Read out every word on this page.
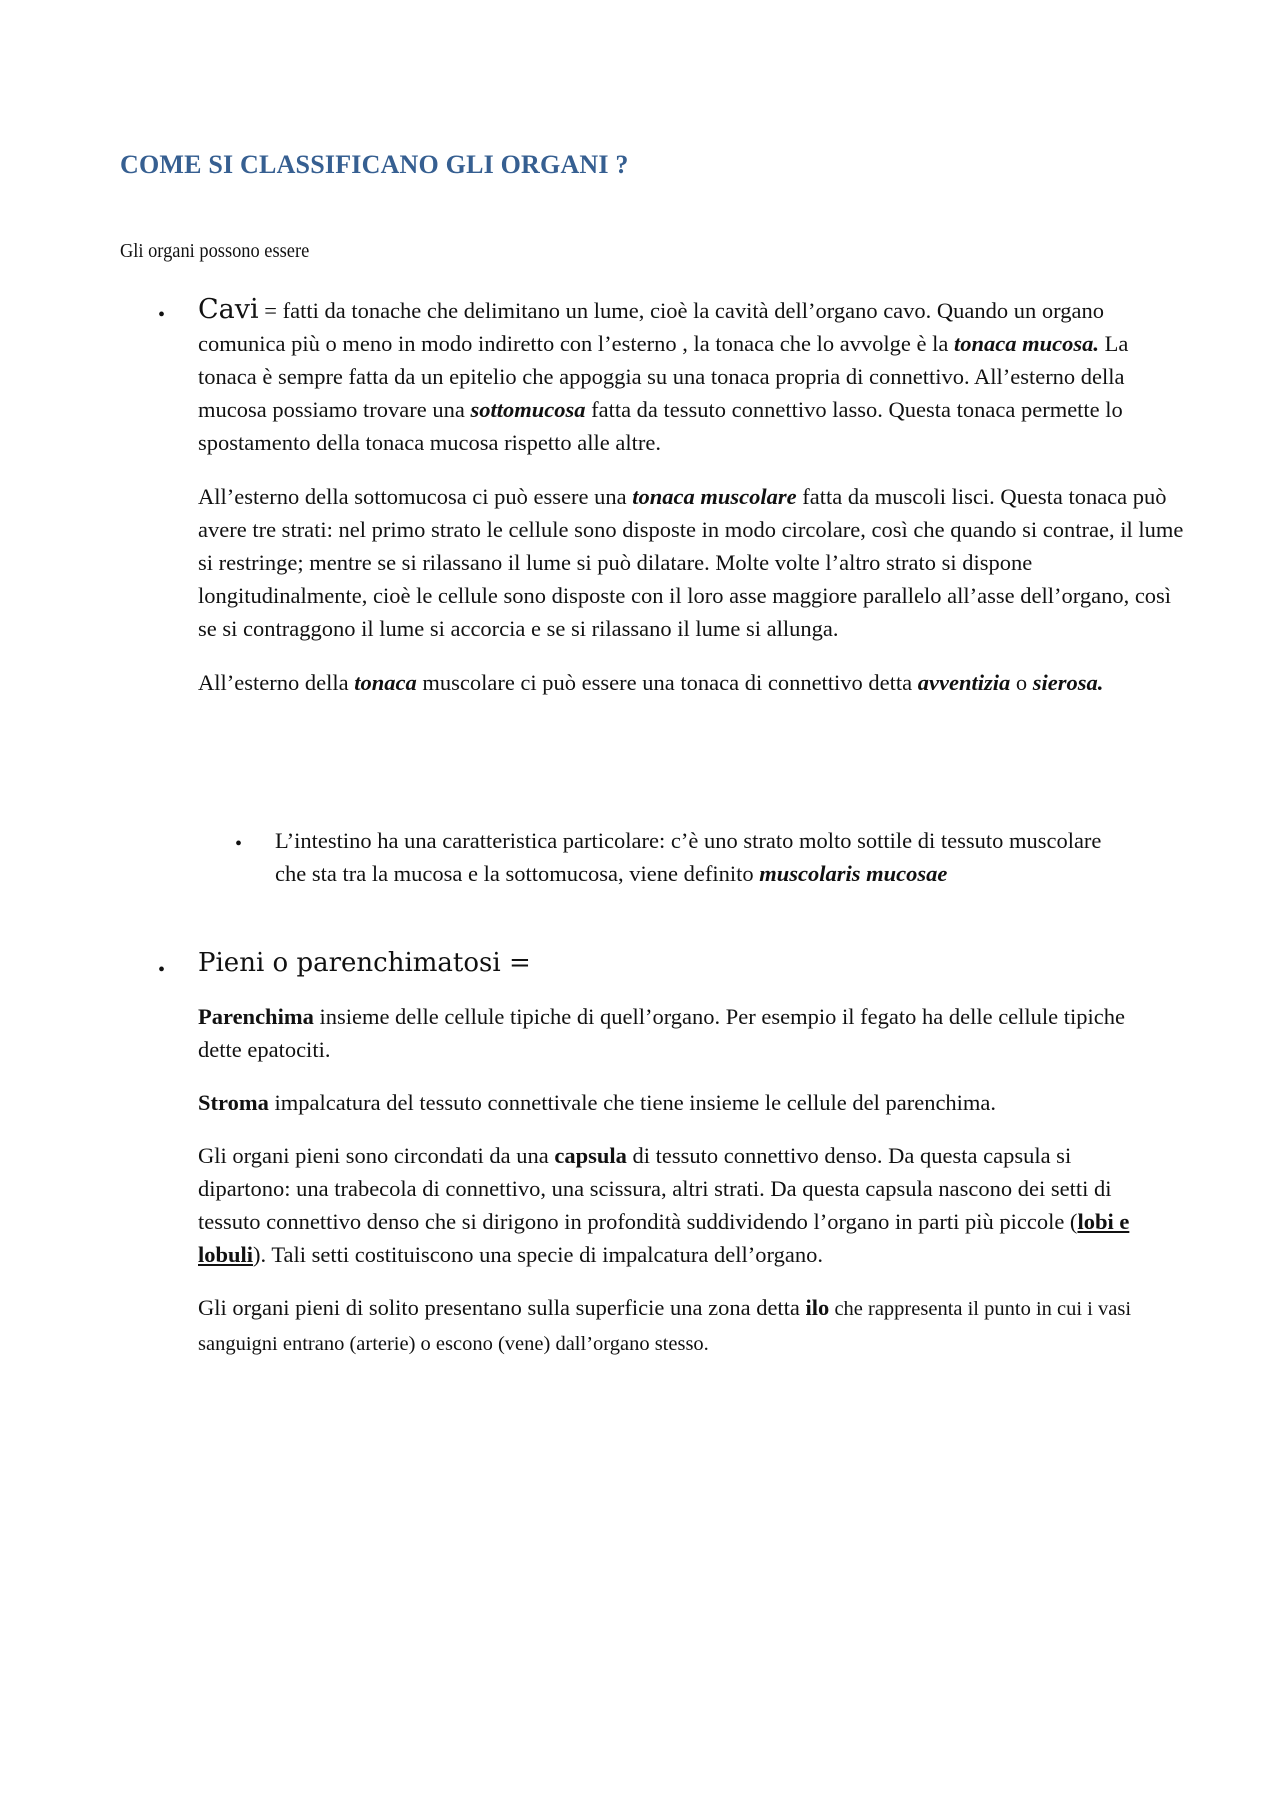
COME SI CLASSIFICANO GLI ORGANI ?

Gli organi possono essere

• Cavi = fatti da tonache che delimitano un lume, cioè la cavità dell’organo cavo. Quando un organo comunica più o meno in modo indiretto con l’esterno , la tonaca che lo avvolge è la tonaca mucosa. La tonaca è sempre fatta da un epitelio che appoggia su una tonaca propria di connettivo. All’esterno della mucosa possiamo trovare una sottomucosa fatta da tessuto connettivo lasso. Questa tonaca permette lo spostamento della tonaca mucosa rispetto alle altre.

All’esterno della sottomucosa ci può essere una tonaca muscolare fatta da muscoli lisci. Questa tonaca può avere tre strati: nel primo strato le cellule sono disposte in modo circolare, così che quando si contrae, il lume si restringe; mentre se si rilassano il lume si può dilatare. Molte volte l’altro strato si dispone longitudinalmente, cioè le cellule sono disposte con il loro asse maggiore parallelo all’asse dell’organo, così se si contraggono il lume si accorcia e se si rilassano il lume si allunga.

All’esterno della tonaca muscolare ci può essere una tonaca di connettivo detta avventizia o sierosa.

• L’intestino ha una caratteristica particolare: c’è uno strato molto sottile di tessuto muscolare che sta tra la mucosa e la sottomucosa, viene definito muscolaris mucosae

• Pieni o parenchimatosi =

Parenchima insieme delle cellule tipiche di quell’organo. Per esempio il fegato ha delle cellule tipiche dette epatociti.

Stroma impalcatura del tessuto connettivale che tiene insieme le cellule del parenchima.

Gli organi pieni sono circondati da una capsula di tessuto connettivo denso. Da questa capsula si dipartono: una trabecola di connettivo, una scissura, altri strati. Da questa capsula nascono dei setti di tessuto connettivo denso che si dirigono in profondità suddividendo l’organo in parti più piccole (lobi e lobuli). Tali setti costituiscono una specie di impalcatura dell’organo.

Gli organi pieni di solito presentano sulla superficie una zona detta ilo che rappresenta il punto in cui i vasi sanguigni entrano (arterie) o escono (vene) dall’organo stesso.
